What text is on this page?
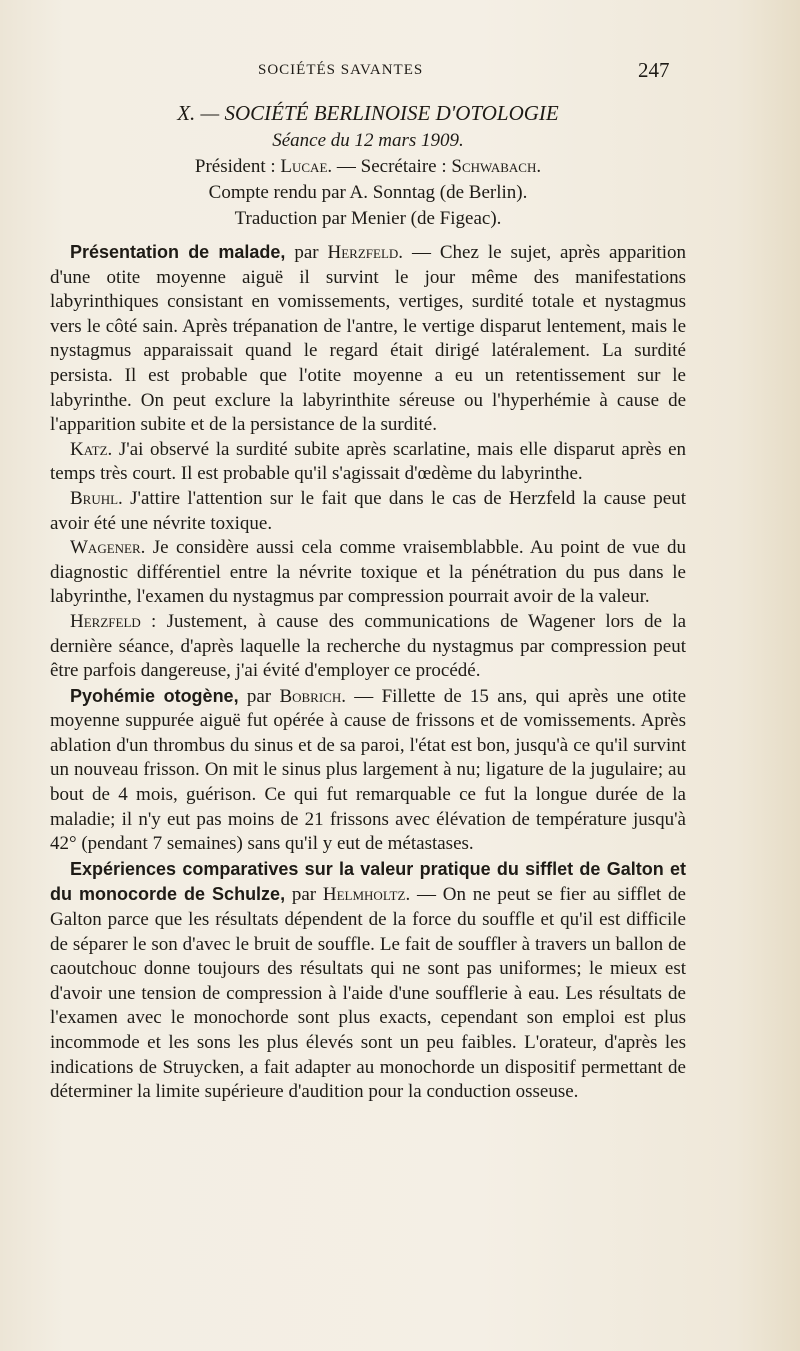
SOCIÉTÉS SAVANTES	247

X. — SOCIÉTÉ BERLINOISE D'OTOLOGIE

Séance du 12 mars 1909.

Président : Lucae. — Secrétaire : Schwabach.

Compte rendu par A. Sonntag (de Berlin).

Traduction par Menier (de Figeac).

Présentation de malade, par Herzfeld. — Chez le sujet, après apparition d'une otite moyenne aiguë il survint le jour même des manifestations labyrinthiques consistant en vomissements, vertiges, surdité totale et nystagmus vers le côté sain. Après trépanation de l'antre, le vertige disparut lentement, mais le nystagmus apparaissait quand le regard était dirigé latéralement. La surdité persista. Il est probable que l'otite moyenne a eu un retentissement sur le labyrinthe. On peut exclure la labyrinthite séreuse ou l'hyperhémie à cause de l'apparition subite et de la persistance de la surdité.

Katz. J'ai observé la surdité subite après scarlatine, mais elle disparut après en temps très court. Il est probable qu'il s'agissait d'œdème du labyrinthe.

Bruhl. J'attire l'attention sur le fait que dans le cas de Herzfeld la cause peut avoir été une névrite toxique.

Wagener. Je considère aussi cela comme vraisemblabble. Au point de vue du diagnostic différentiel entre la névrite toxique et la pénétration du pus dans le labyrinthe, l'examen du nystagmus par compression pourrait avoir de la valeur.

Herzfeld : Justement, à cause des communications de Wagener lors de la dernière séance, d'après laquelle la recherche du nystagmus par compression peut être parfois dangereuse, j'ai évité d'employer ce procédé.

Pyohémie otogène, par Bobrich. — Fillette de 15 ans, qui après une otite moyenne suppurée aiguë fut opérée à cause de frissons et de vomissements. Après ablation d'un thrombus du sinus et de sa paroi, l'état est bon, jusqu'à ce qu'il survint un nouveau frisson. On mit le sinus plus largement à nu; ligature de la jugulaire; au bout de 4 mois, guérison. Ce qui fut remarquable ce fut la longue durée de la maladie; il n'y eut pas moins de 21 frissons avec élévation de température jusqu'à 42° (pendant 7 semaines) sans qu'il y eut de métastases.

Expériences comparatives sur la valeur pratique du sifflet de Galton et du monocorde de Schulze, par Helmholtz. — On ne peut se fier au sifflet de Galton parce que les résultats dépendent de la force du souffle et qu'il est difficile de séparer le son d'avec le bruit de souffle. Le fait de souffler à travers un ballon de caoutchouc donne toujours des résultats qui ne sont pas uniformes; le mieux est d'avoir une tension de compression à l'aide d'une soufflerie à eau. Les résultats de l'examen avec le monochorde sont plus exacts, cependant son emploi est plus incommode et les sons les plus élevés sont un peu faibles. L'orateur, d'après les indications de Struycken, a fait adapter au monochorde un dispositif permettant de déterminer la limite supérieure d'audition pour la conduction osseuse.
